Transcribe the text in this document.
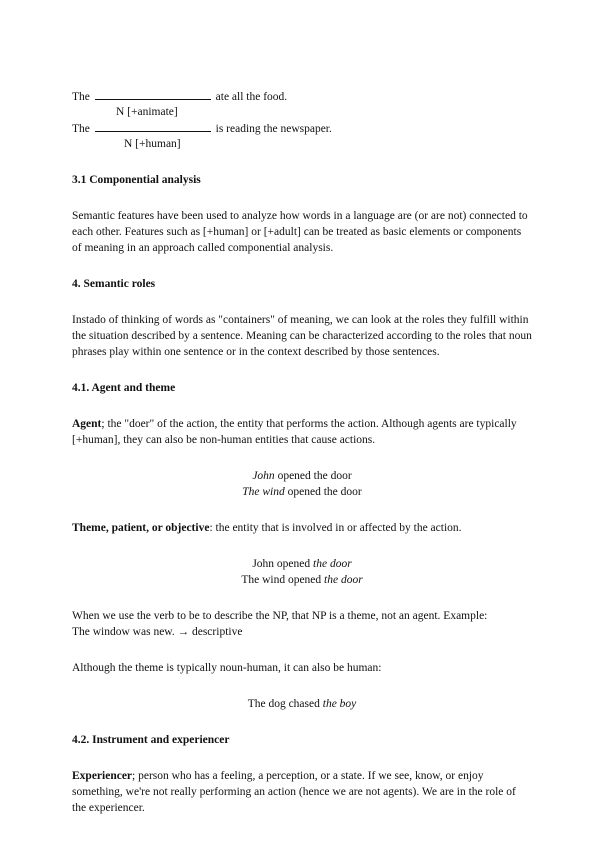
The	ate all the food.
N [+animate]
The	is reading the newspaper.
N [+human]

3.1 Componential analysis

Semantic features have been used to analyze how words in a language are (or are not) connected to each other. Features such as [+human] or [+adult] can be treated as basic elements or components of meaning in an approach called componential analysis.

4. Semantic roles

Instado of thinking of words as "containers" of meaning, we can look at the roles they fulfill within the situation described by a sentence. Meaning can be characterized according to the roles that noun phrases play within one sentence or in the context described by those sentences.

4.1. Agent and theme

Agent; the "doer" of the action, the entity that performs the action. Although agents are typically [+human], they can also be non-human entities that cause actions.

John opened the door

The wind opened the door

Theme, patient, or objective: the entity that is involved in or affected by the action.

John opened the door

The wind opened the door

When we use the verb to be to describe the NP, that NP is a theme, not an agent. Example:

The window was new. → descriptive

Although the theme is typically noun-human, it can also be human:

The dog chased the boy

4.2. Instrument and experiencer

Experiencer; person who has a feeling, a perception, or a state. If we see, know, or enjoy something, we're not really performing an action (hence we are not agents). We are in the role of the experiencer.
